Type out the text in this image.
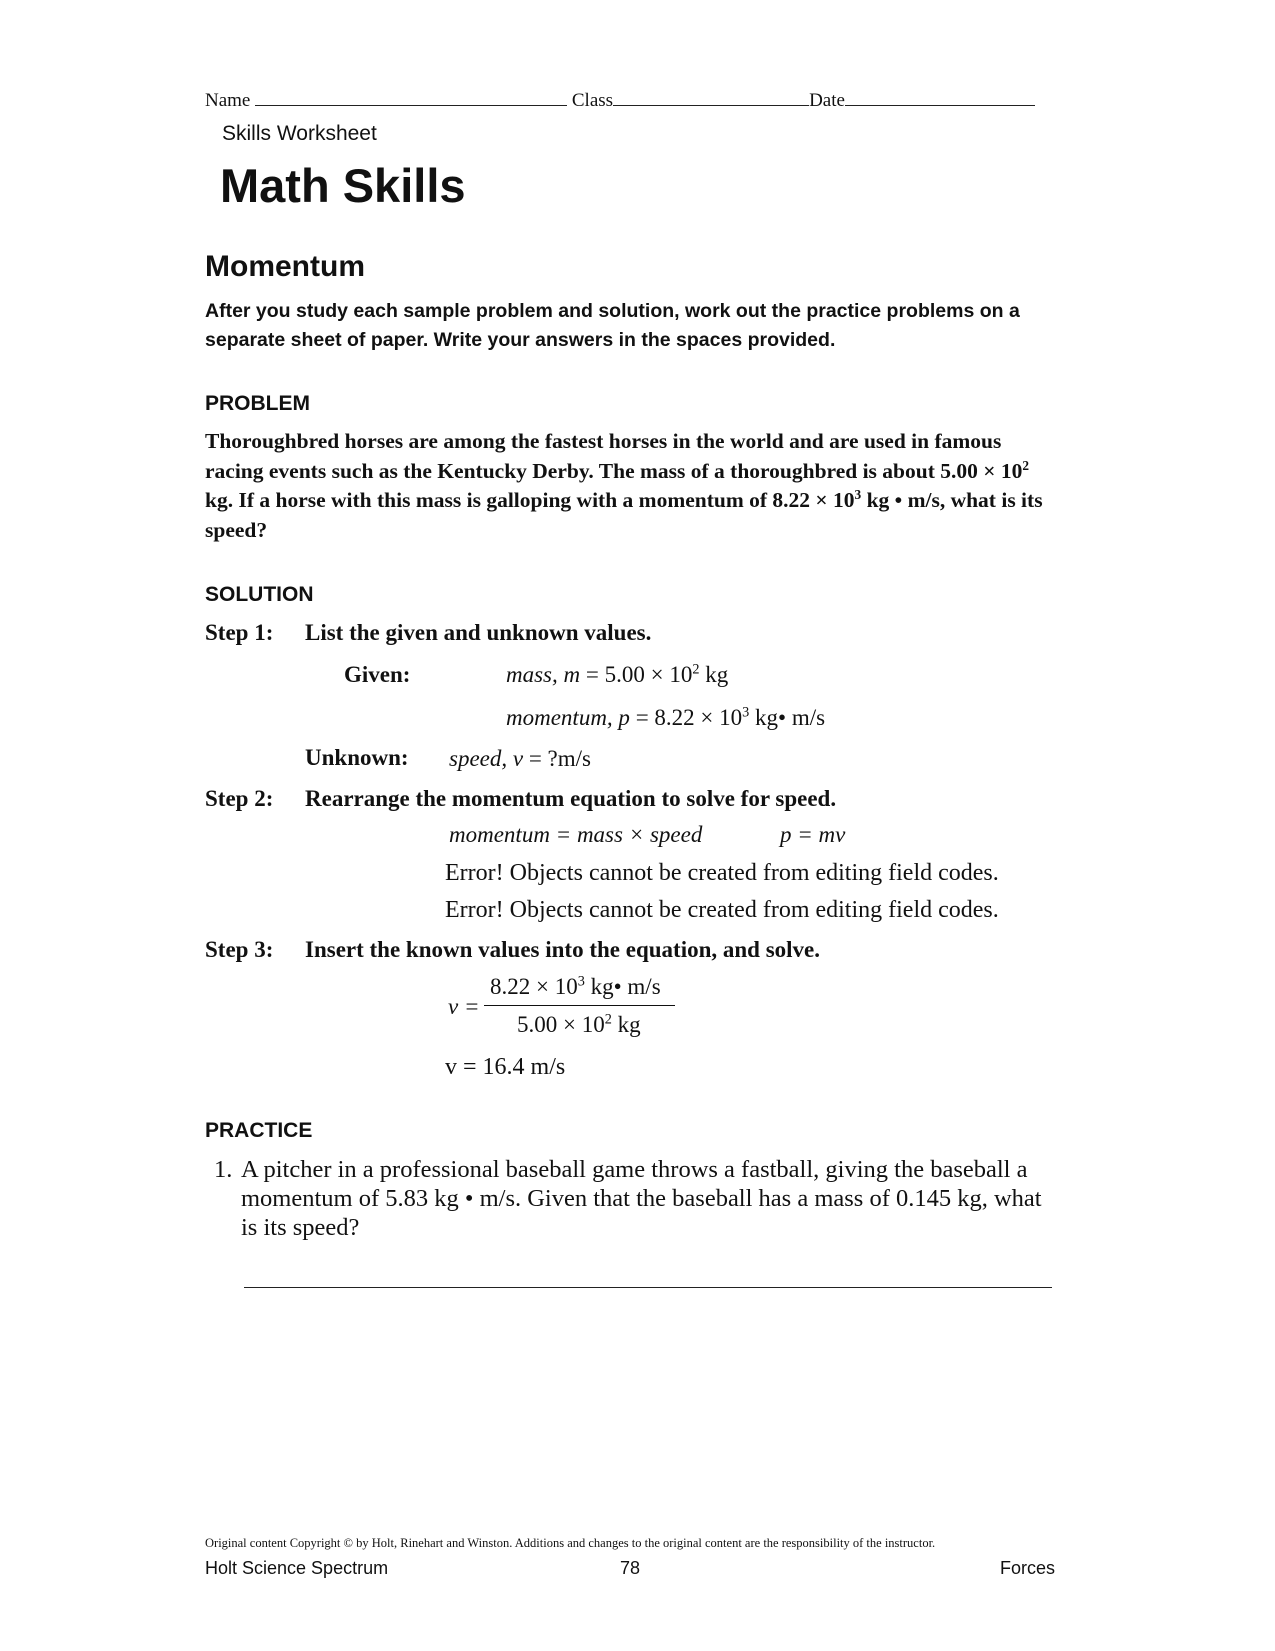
Name	Class	Date
Skills Worksheet
Math Skills
Momentum
After you study each sample problem and solution, work out the practice problems on a separate sheet of paper. Write your answers in the spaces provided.
PROBLEM
Thoroughbred horses are among the fastest horses in the world and are used in famous racing events such as the Kentucky Derby. The mass of a thoroughbred is about $5.00 \times 10^2$ kg. If a horse with this mass is galloping with a momentum of $8.22 \times 10^3$ kg • m/s, what is its speed?
SOLUTION
Step 1: List the given and unknown values.
Given:	mass, $m = 5.00 \times 10^2$ kg
momentum, $p = 8.22 \times 10^3$ kg• m/s
Unknown: speed, v = ?m/s
Step 2: Rearrange the momentum equation to solve for speed.
momentum = mass × speed	p = mv
Error! Objects cannot be created from editing field codes.
Error! Objects cannot be created from editing field codes.
Step 3: Insert the known values into the equation, and solve.
v =
$8.22 \times 10^3$ kg• m/s
$5.00 \times 10^2$ kg
v = 16.4 m/s
PRACTICE
1. A pitcher in a professional baseball game throws a fastball, giving the baseball a momentum of 5.83 kg • m/s. Given that the baseball has a mass of 0.145 kg, what is its speed?
Original content Copyright © by Holt, Rinehart and Winston. Additions and changes to the original content are the responsibility of the instructor.
Holt Science Spectrum	78	Forces
